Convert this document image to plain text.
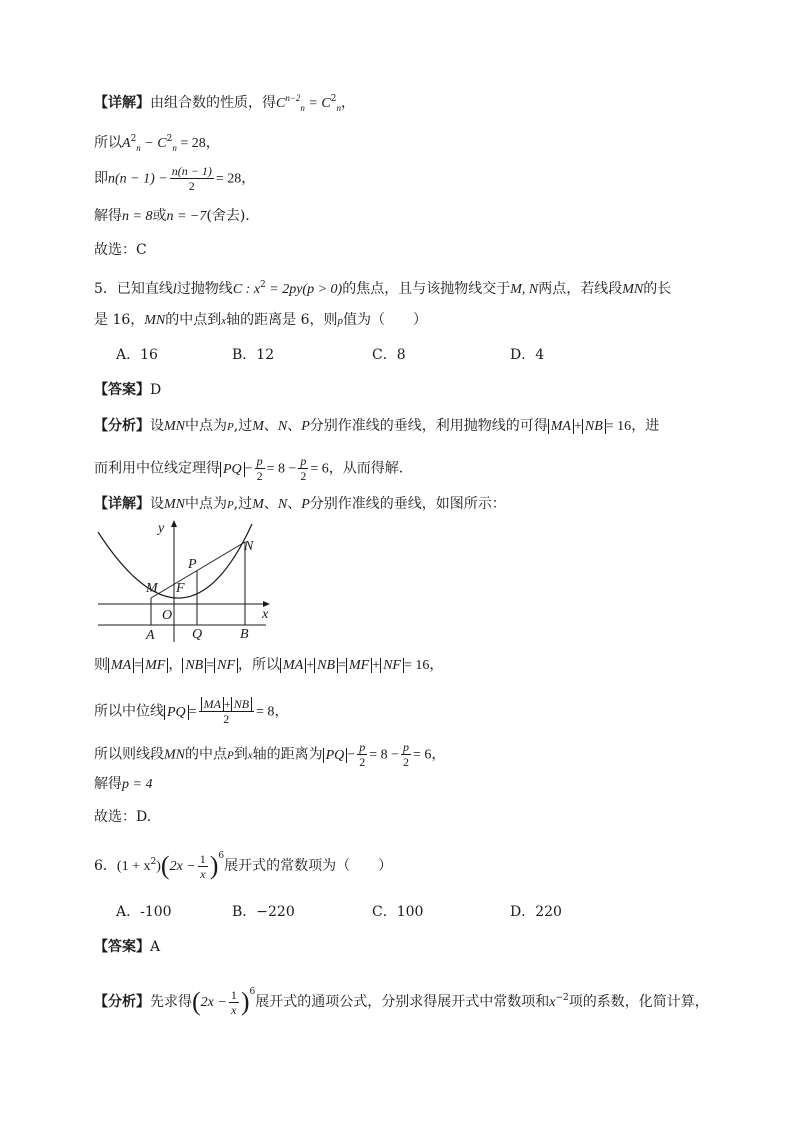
【详解】由组合数的性质，得$C^{n-2}_n = C^2_n$，
所以$A^2_n - C^2_n = 28$，
即$n(n - 1) - \frac{n(n - 1)}{2} = 28$，
解得n = 8或n = −7(舍去).
故选：C
5．已知直线l过抛物线C : $x^2 = 2py(p > 0)$的焦点，且与该抛物线交于M, N两点，若线段MN的长
是 16，MN的中点到x轴的距离是 6，则p值为（　　）
A．16	B．12	C．8	D．4
【答案】D
【分析】设MN中点为P,过M、N、P分别作准线的垂线，利用抛物线的可得 MA + NB = 16，进
而利用中位线定理得 PQ − $\frac{p}{2} = 8 - \frac{p}{2} = 6$，从而得解.
【详解】设MN中点为P,过M、N、P分别作准线的垂线，如图所示：
y
x
N
P
M F
O
A	Q	B
则 MA = MF ， NB = NF ，所以 MA + NB = MF + NF = 16，
所以中位线 PQ = $\frac{MA + NB}{2} = 8$，
所以则线段MN的中点P到x轴的距离为 PQ − $\frac{p}{2} = 8 - \frac{p}{2} = 6$，
解得p = 4
故选：D.
6．$(1 + x^2)(2x - \frac{1}{x} )^6$展开式的常数项为（　　）
A．-100	B．−220	C．100	D．220
【答案】A
【分析】先求得$(2x - \frac{1}{x} )^6$展开式的通项公式，分别求得展开式中常数项和$x^{-2}$项的系数，化简计算，
